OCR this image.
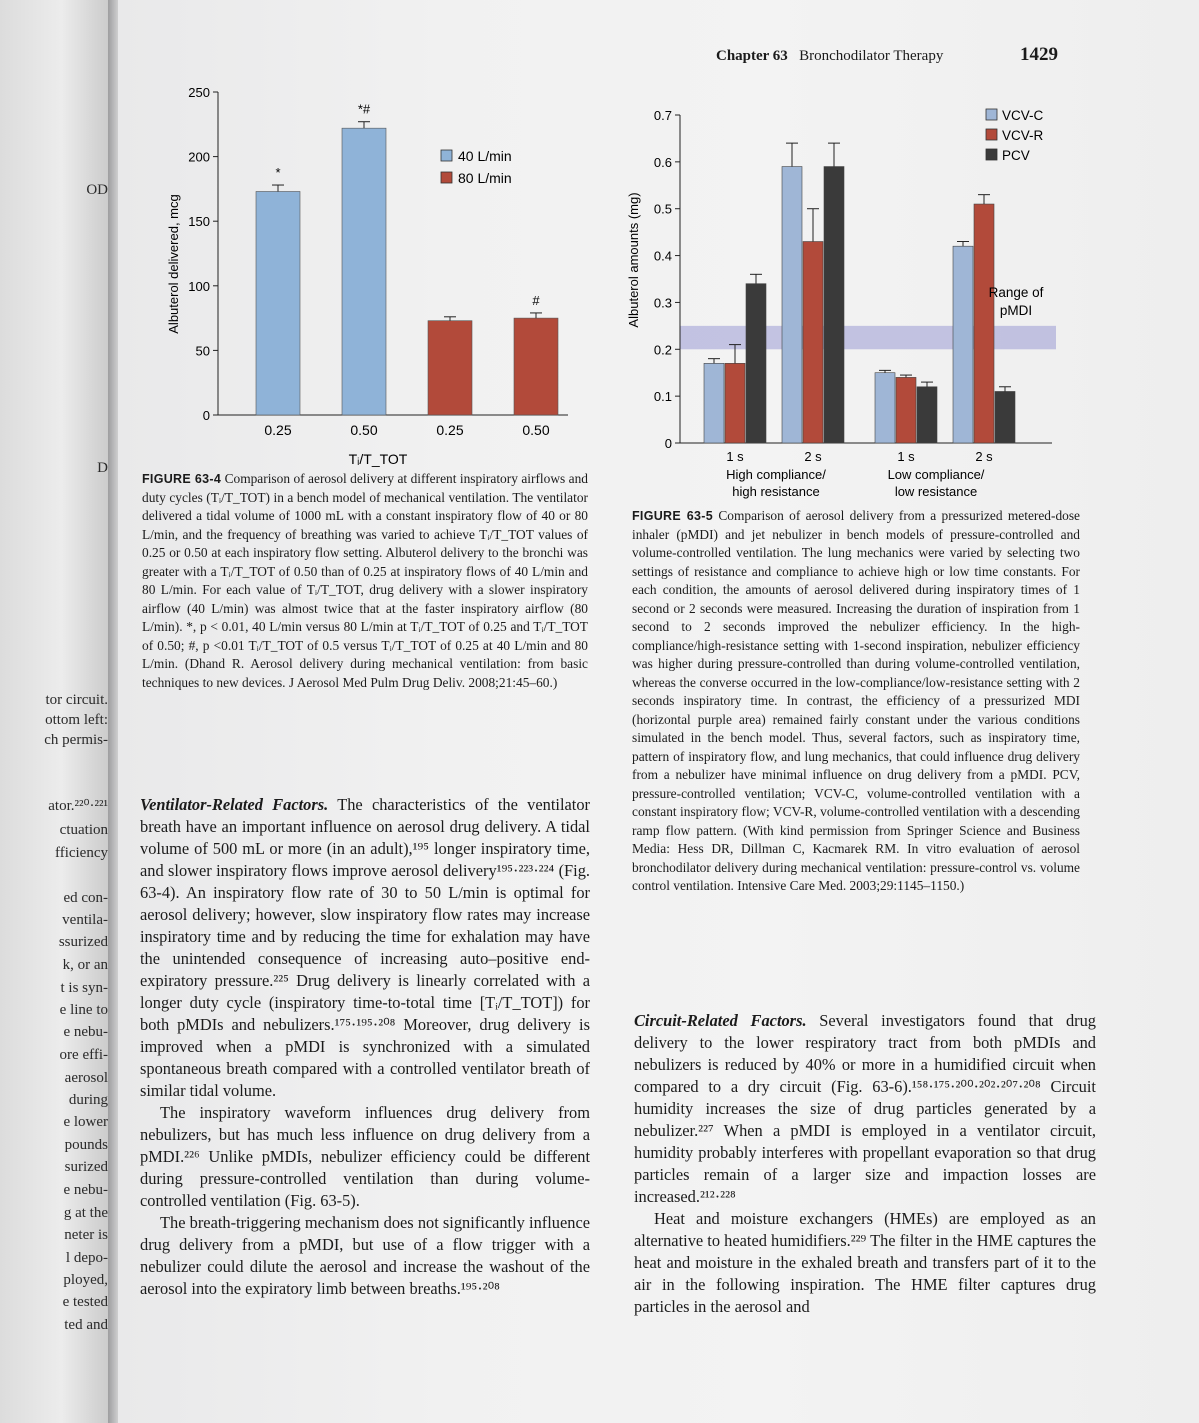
OD
D
tor circuit.
ottom left:
ch permis-
ator.²²⁰·²²¹
ctuation
fficiency
ed con-
ventila-
ssurized
k, or an
t is syn-
e line to
e nebu-
ore effi-
aerosol
during
e lower
pounds
surized
e nebu-
g at the
neter is
l depo-
ployed,
e tested
ted and
Chapter 63 Bronchodilator Therapy	1429
Albuterol delivered, mcg
Tᵢ/T_TOT
0
50
100
150
200
250
*
0.25
*#
0.50	0.25
#
0.50
40 L/min
80 L/min
Albuterol amounts (mg)
0
0.1
0.2
0.3
0.4
0.5
0.6
0.7
1 s	2 s	1 s	2 s
High compliance/
high resistance
Low compliance/
low resistance
VCV-C
VCV-R
PCV
Range of
pMDI
FIGURE 63-4 Comparison of aerosol delivery at different inspiratory airflows and duty cycles (Tᵢ/T_TOT) in a bench model of mechanical ventilation. The ventilator delivered a tidal volume of 1000 mL with a constant inspiratory flow of 40 or 80 L/min, and the frequency of breathing was varied to achieve Tᵢ/T_TOT values of 0.25 or 0.50 at each inspiratory flow setting. Albuterol delivery to the bronchi was greater with a Tᵢ/T_TOT of 0.50 than of 0.25 at inspiratory flows of 40 L/min and 80 L/min. For each value of Tᵢ/T_TOT, drug delivery with a slower inspiratory airflow (40 L/min) was almost twice that at the faster inspiratory airflow (80 L/min). *, p < 0.01, 40 L/min versus 80 L/min at Tᵢ/T_TOT of 0.25 and Tᵢ/T_TOT of 0.50; #, p <0.01 Tᵢ/T_TOT of 0.5 versus Tᵢ/T_TOT of 0.25 at 40 L/min and 80 L/min. (Dhand R. Aerosol delivery during mechanical ventilation: from basic techniques to new devices. J Aerosol Med Pulm Drug Deliv. 2008;21:45–60.)
FIGURE 63-5 Comparison of aerosol delivery from a pressurized metered-dose inhaler (pMDI) and jet nebulizer in bench models of pressure-controlled and volume-controlled ventilation. The lung mechanics were varied by selecting two settings of resistance and compliance to achieve high or low time constants. For each condition, the amounts of aerosol delivered during inspiratory times of 1 second or 2 seconds were measured. Increasing the duration of inspiration from 1 second to 2 seconds improved the nebulizer efficiency. In the high-compliance/high-resistance setting with 1-second inspiration, nebulizer efficiency was higher during pressure-controlled than during volume-controlled ventilation, whereas the converse occurred in the low-compliance/low-resistance setting with 2 seconds inspiratory time. In contrast, the efficiency of a pressurized MDI (horizontal purple area) remained fairly constant under the various conditions simulated in the bench model. Thus, several factors, such as inspiratory time, pattern of inspiratory flow, and lung mechanics, that could influence drug delivery from a nebulizer have minimal influence on drug delivery from a pMDI. PCV, pressure-controlled ventilation; VCV-C, volume-controlled ventilation with a constant inspiratory flow; VCV-R, volume-controlled ventilation with a descending ramp flow pattern. (With kind permission from Springer Science and Business Media: Hess DR, Dillman C, Kacmarek RM. In vitro evaluation of aerosol bronchodilator delivery during mechanical ventilation: pressure-control vs. volume control ventilation. Intensive Care Med. 2003;29:1145–1150.)

Ventilator-Related Factors. The characteristics of the ventilator breath have an important influence on aerosol drug delivery. A tidal volume of 500 mL or more (in an adult),¹⁹⁵ longer inspiratory time, and slower inspiratory flows improve aerosol delivery¹⁹⁵·²²³·²²⁴ (Fig. 63-4). An inspiratory flow rate of 30 to 50 L/min is optimal for aerosol delivery; however, slow inspiratory flow rates may increase inspiratory time and by reducing the time for exhalation may have the unintended consequence of increasing auto–positive end-expiratory pressure.²²⁵ Drug delivery is linearly correlated with a longer duty cycle (inspiratory time-to-total time [Tᵢ/T_TOT]) for both pMDIs and nebulizers.¹⁷⁵·¹⁹⁵·²⁰⁸ Moreover, drug delivery is improved when a pMDI is synchronized with a simulated spontaneous breath compared with a controlled ventilator breath of similar tidal volume.

The inspiratory waveform influences drug delivery from nebulizers, but has much less influence on drug delivery from a pMDI.²²⁶ Unlike pMDIs, nebulizer efficiency could be different during pressure-controlled ventilation than during volume-controlled ventilation (Fig. 63-5).

The breath-triggering mechanism does not significantly influence drug delivery from a pMDI, but use of a flow trigger with a nebulizer could dilute the aerosol and increase the washout of the aerosol into the expiratory limb between breaths.¹⁹⁵·²⁰⁸

Circuit-Related Factors. Several investigators found that drug delivery to the lower respiratory tract from both pMDIs and nebulizers is reduced by 40% or more in a humidified circuit when compared to a dry circuit (Fig. 63-6).¹⁵⁸·¹⁷⁵·²⁰⁰·²⁰²·²⁰⁷·²⁰⁸ Circuit humidity increases the size of drug particles generated by a nebulizer.²²⁷ When a pMDI is employed in a ventilator circuit, humidity probably interferes with propellant evaporation so that drug particles remain of a larger size and impaction losses are increased.²¹²·²²⁸

Heat and moisture exchangers (HMEs) are employed as an alternative to heated humidifiers.²²⁹ The filter in the HME captures the heat and moisture in the exhaled breath and transfers part of it to the air in the following inspiration. The HME filter captures drug particles in the aerosol and
